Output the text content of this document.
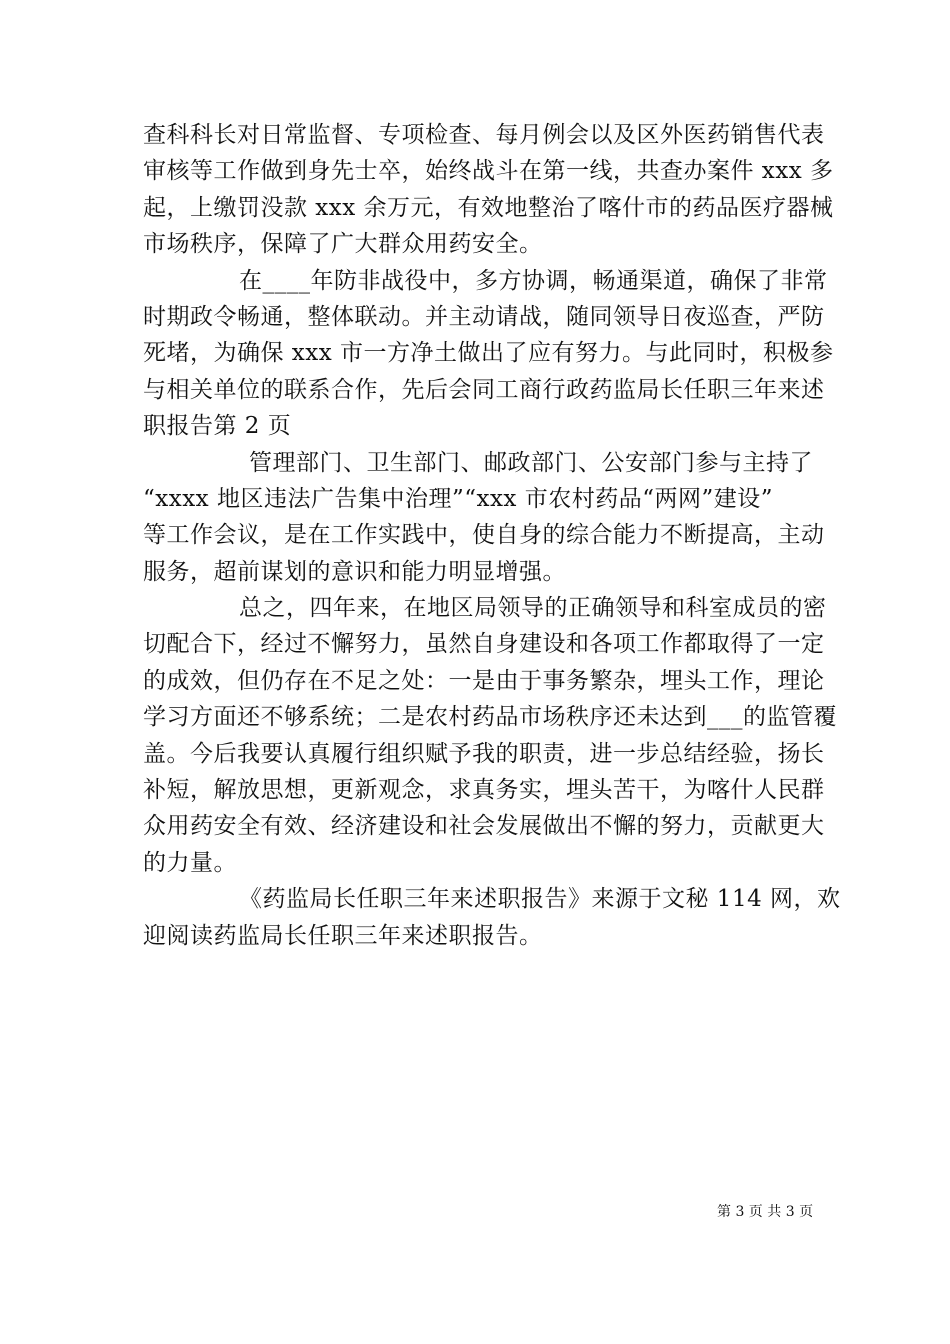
查科科长对日常监督、专项检查、每月例会以及区外医药销售代表
审核等工作做到身先士卒，始终战斗在第一线，共查办案件 xxx 多
起，上缴罚没款 xxx 余万元，有效地整治了喀什市的药品医疗器械
市场秩序，保障了广大群众用药安全。
在____年防非战役中，多方协调，畅通渠道，确保了非常
时期政令畅通，整体联动。并主动请战，随同领导日夜巡查，严防
死堵，为确保 xxx 市一方净土做出了应有努力。与此同时，积极参
与相关单位的联系合作，先后会同工商行政药监局长任职三年来述
职报告第 2 页
管理部门、卫生部门、邮政部门、公安部门参与主持了
“xxxx 地区违法广告集中治理”“xxx 市农村药品“两网”建设”
等工作会议，是在工作实践中，使自身的综合能力不断提高，主动
服务，超前谋划的意识和能力明显增强。
总之，四年来，在地区局领导的正确领导和科室成员的密
切配合下，经过不懈努力，虽然自身建设和各项工作都取得了一定
的成效，但仍存在不足之处：一是由于事务繁杂，埋头工作，理论
学习方面还不够系统；二是农村药品市场秩序还未达到___的监管覆
盖。今后我要认真履行组织赋予我的职责，进一步总结经验，扬长
补短，解放思想，更新观念，求真务实，埋头苦干，为喀什人民群
众用药安全有效、经济建设和社会发展做出不懈的努力，贡献更大
的力量。
《药监局长任职三年来述职报告》来源于文秘 114 网，欢
迎阅读药监局长任职三年来述职报告。
第 3 页 共 3 页
